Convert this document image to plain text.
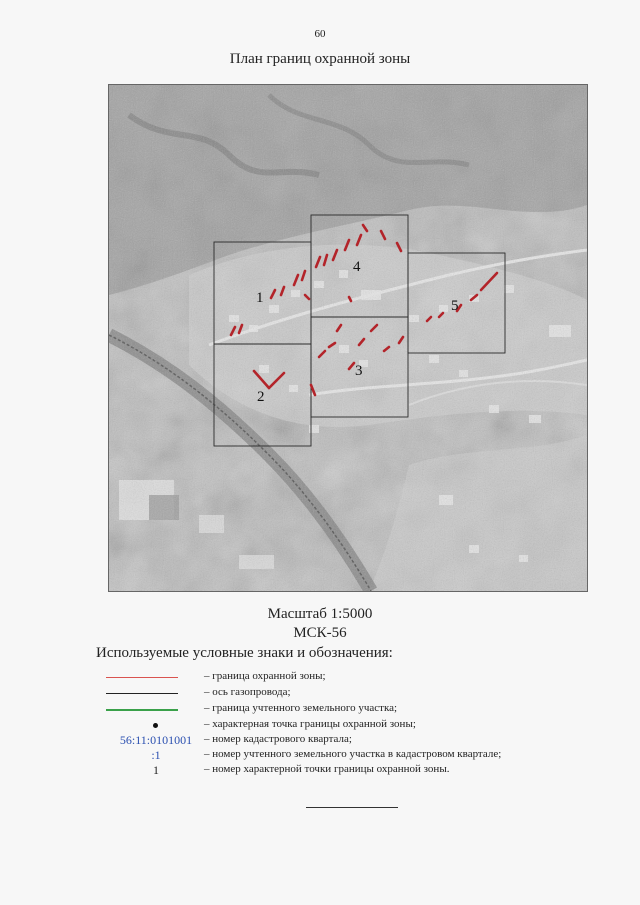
60
План границ охранной зоны
1
2
3
4
5
Масштаб 1:5000
МСК-56
Используемые условные знаки и обозначения:
– граница охранной зоны;
– ось газопровода;
– граница учтенного земельного участка;
– характерная точка границы охранной зоны;
56:11:0101001	– номер кадастрового квартала;
:1	– номер учтенного земельного участка в кадастровом квартале;
1	– номер характерной точки границы охранной зоны.
